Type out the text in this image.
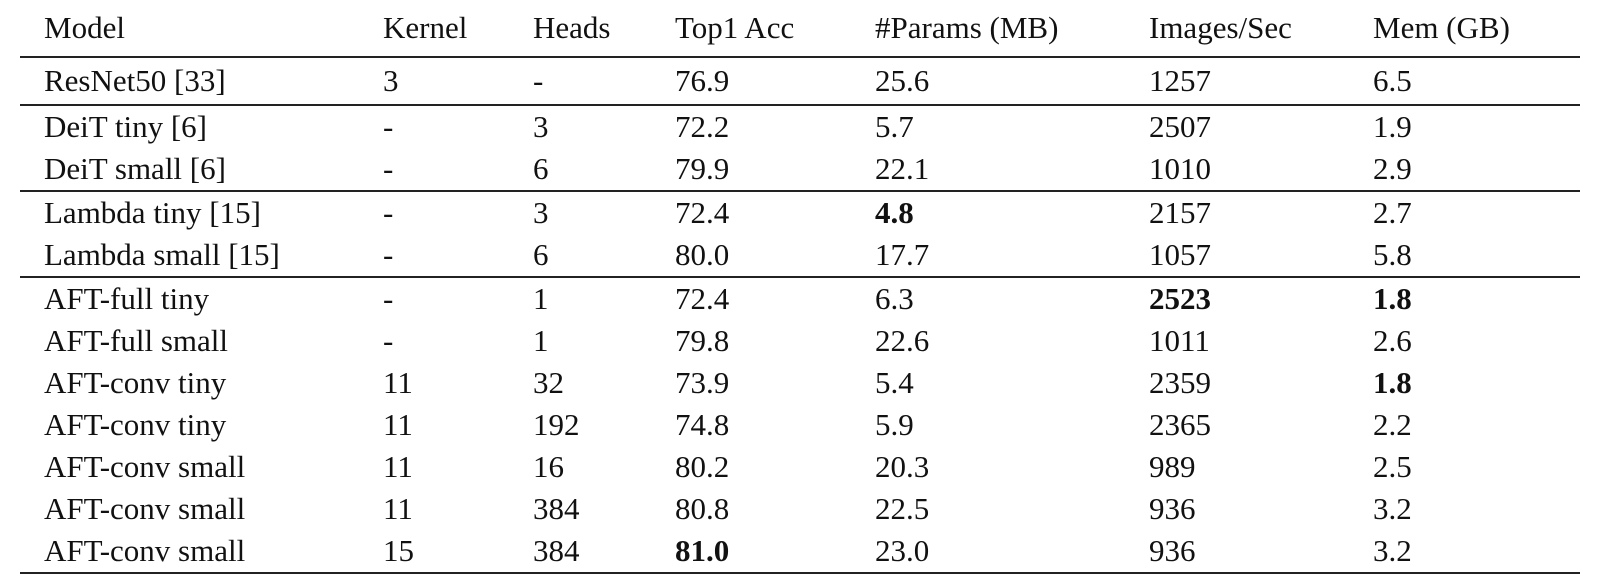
Model	Kernel	Heads	Top1 Acc	#Params (MB)	Images/Sec	Mem (GB)
ResNet50 [33]	3	-	76.9	25.6	1257	6.5
DeiT tiny [6]	-	3	72.2	5.7	2507	1.9
DeiT small [6]	-	6	79.9	22.1	1010	2.9
Lambda tiny [15]	-	3	72.4	4.8	2157	2.7
Lambda small [15]	-	6	80.0	17.7	1057	5.8
AFT-full tiny	-	1	72.4	6.3	2523	1.8
AFT-full small	-	1	79.8	22.6	1011	2.6
AFT-conv tiny	11	32	73.9	5.4	2359	1.8
AFT-conv tiny	11	192	74.8	5.9	2365	2.2
AFT-conv small	11	16	80.2	20.3	989	2.5
AFT-conv small	11	384	80.8	22.5	936	3.2
AFT-conv small	15	384	81.0	23.0	936	3.2
